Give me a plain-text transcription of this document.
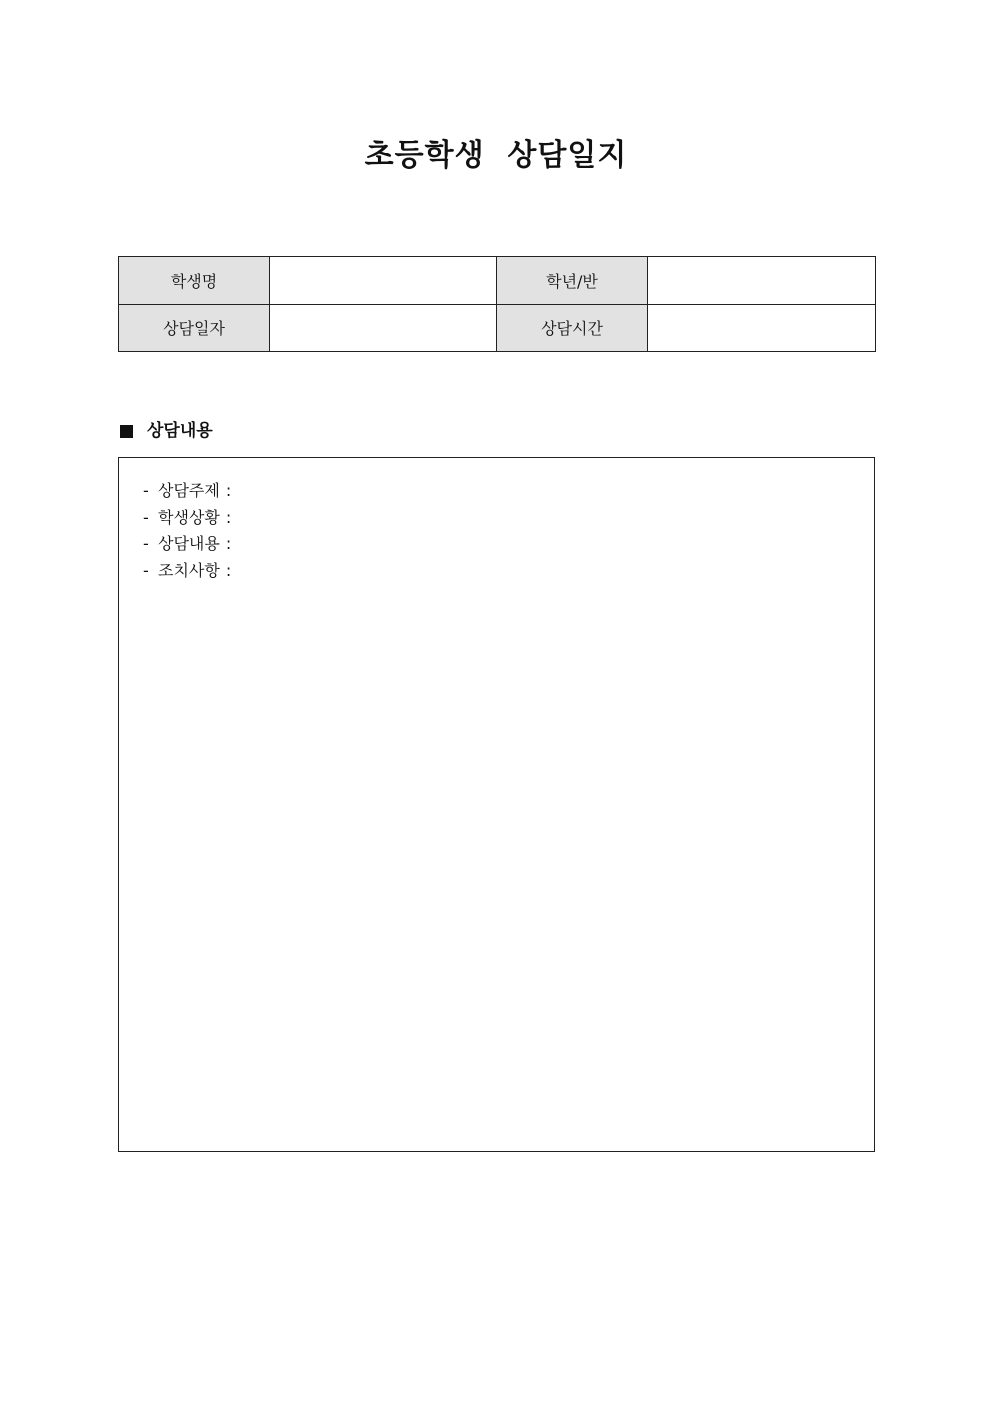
초등학생  상담일지
학생명		학년/반	
상담일자		상담시간	
상담내용
- 상담주제 :
- 학생상황 :
- 상담내용 :
- 조치사항 :
